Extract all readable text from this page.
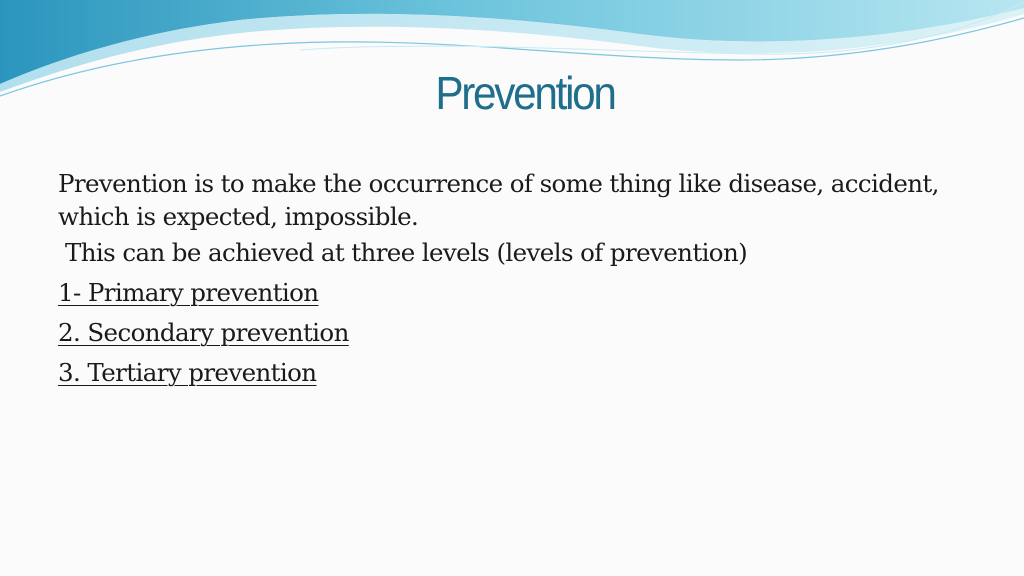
Prevention

Prevention is to make the occurrence of some thing like disease, accident,

which is expected, impossible.

This can be achieved at three levels (levels of prevention)

1- Primary prevention

2. Secondary prevention

3. Tertiary prevention
